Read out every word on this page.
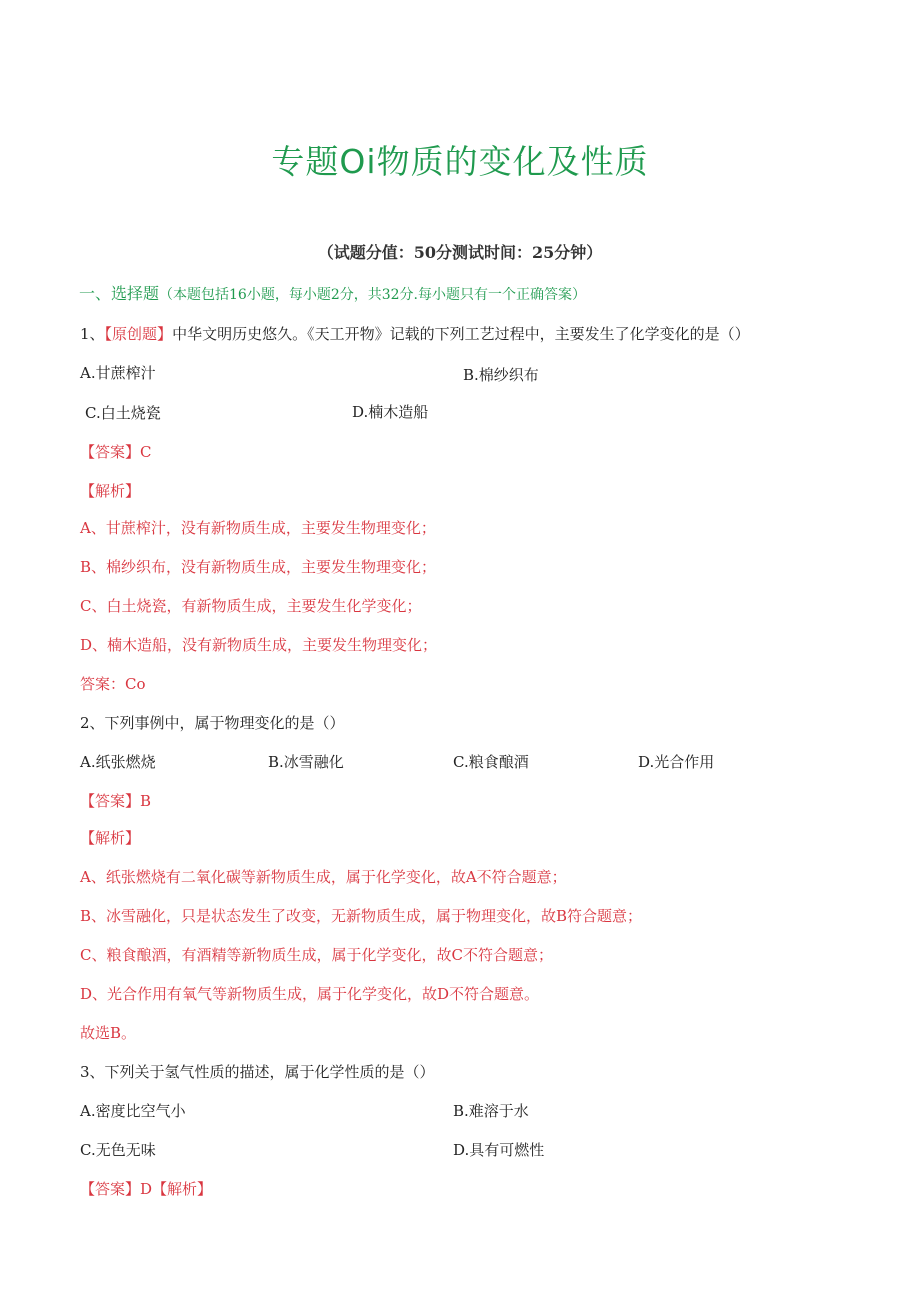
专题Oi物质的变化及性质
（试题分值：50分测试时间：25分钟）
一、选择题（本题包括16小题，每小题2分，共32分.每小题只有一个正确答案）
1、【原创题】中华文明历史悠久。《天工开物》记载的下列工艺过程中，主要发生了化学变化的是（）
A.甘蔗榨汁	B.棉纱织布
C.白土烧瓷	D.楠木造船
【答案】C
【解析】
A、甘蔗榨汁，没有新物质生成，主要发生物理变化；
B、棉纱织布，没有新物质生成，主要发生物理变化；
C、白土烧瓷，有新物质生成，主要发生化学变化；
D、楠木造船，没有新物质生成，主要发生物理变化；
答案：Co
2、下列事例中，属于物理变化的是（）
A.纸张燃烧	B.冰雪融化	C.粮食酿酒	D.光合作用
【答案】B
【解析】
A、纸张燃烧有二氧化碳等新物质生成，属于化学变化，故A不符合题意；
B、冰雪融化，只是状态发生了改变，无新物质生成，属于物理变化，故B符合题意；
C、粮食酿酒，有酒精等新物质生成，属于化学变化，故C不符合题意；
D、光合作用有氧气等新物质生成，属于化学变化，故D不符合题意。
故选B。
3、下列关于氢气性质的描述，属于化学性质的是（）
A.密度比空气小	B.难溶于水
C.无色无味	D.具有可燃性
【答案】D【解析】
